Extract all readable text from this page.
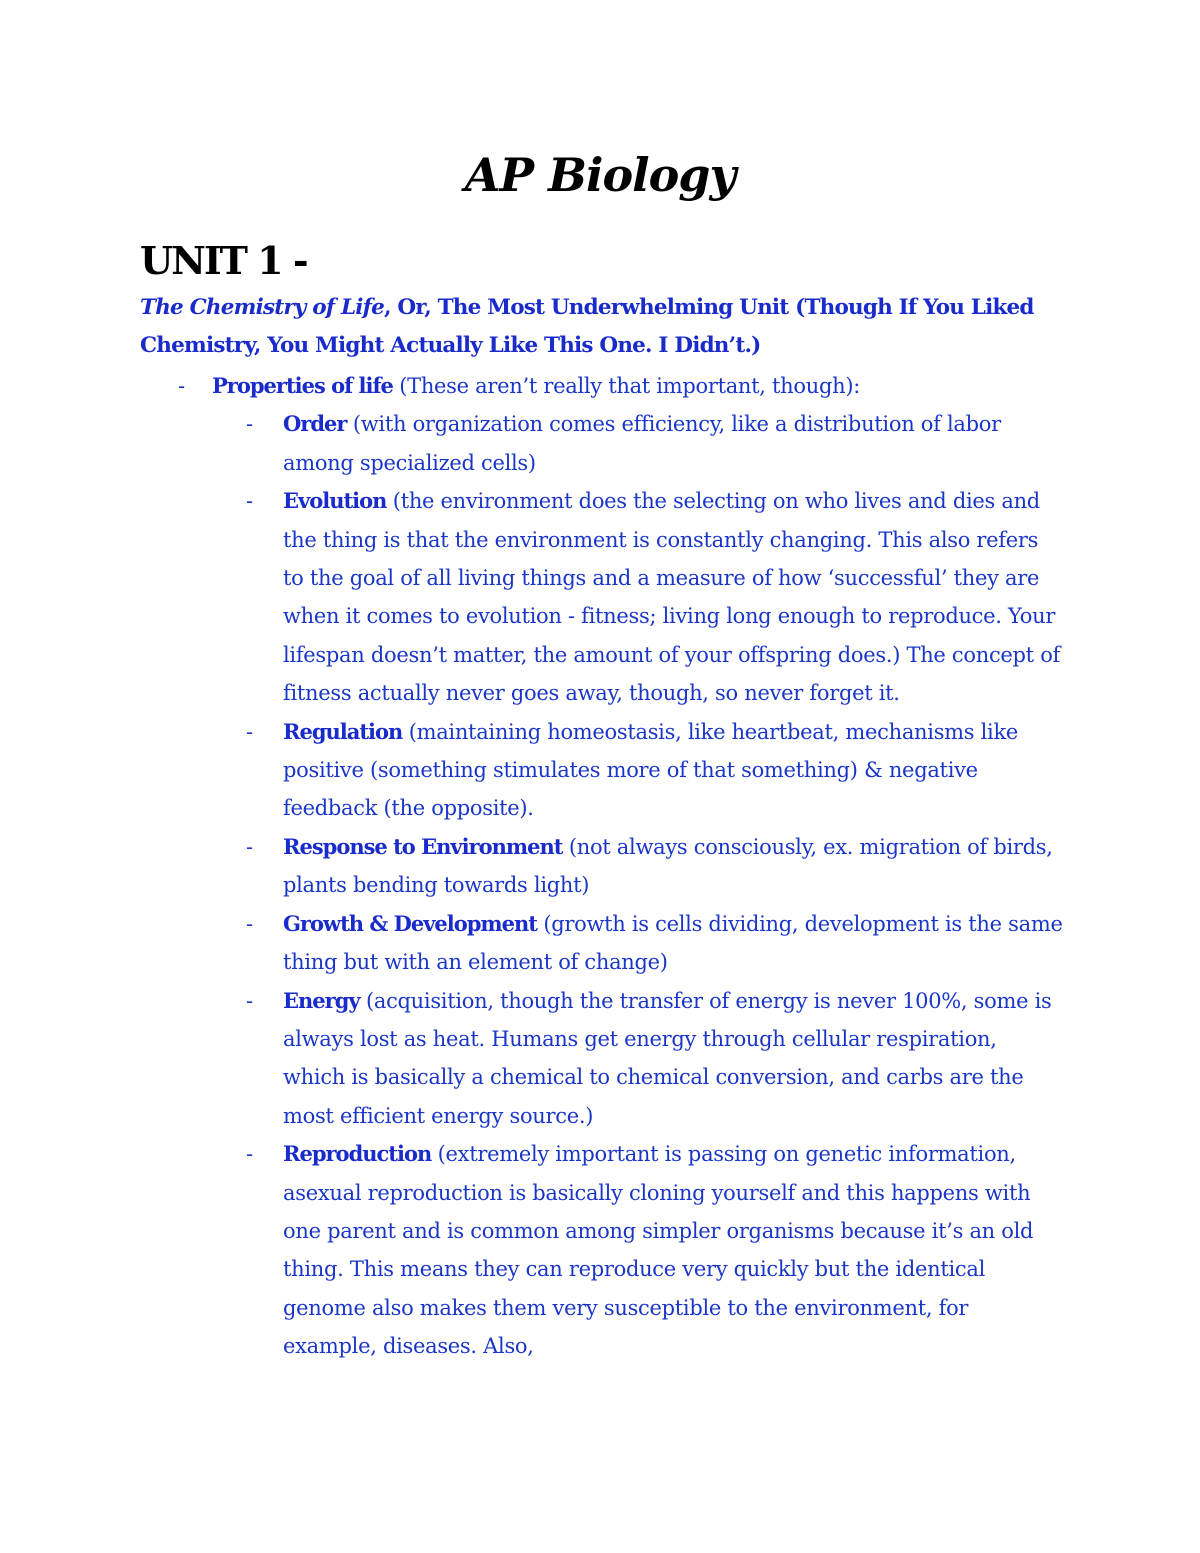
AP Biology
UNIT 1 -
The Chemistry of Life, Or, The Most Underwhelming Unit (Though If You Liked Chemistry, You Might Actually Like This One. I Didn’t.)
- Properties of life (These aren’t really that important, though):
- Order (with organization comes efficiency, like a distribution of labor among specialized cells)
- Evolution (the environment does the selecting on who lives and dies and the thing is that the environment is constantly changing. This also refers to the goal of all living things and a measure of how ‘successful’ they are when it comes to evolution - fitness; living long enough to reproduce. Your lifespan doesn’t matter, the amount of your offspring does.) The concept of fitness actually never goes away, though, so never forget it.
- Regulation (maintaining homeostasis, like heartbeat, mechanisms like positive (something stimulates more of that something) & negative feedback (the opposite).
- Response to Environment (not always consciously, ex. migration of birds, plants bending towards light)
- Growth & Development (growth is cells dividing, development is the same thing but with an element of change)
- Energy (acquisition, though the transfer of energy is never 100%, some is always lost as heat. Humans get energy through cellular respiration, which is basically a chemical to chemical conversion, and carbs are the most efficient energy source.)
- Reproduction (extremely important is passing on genetic information, asexual reproduction is basically cloning yourself and this happens with one parent and is common among simpler organisms because it’s an old thing. This means they can reproduce very quickly but the identical genome also makes them very susceptible to the environment, for example, diseases. Also,
